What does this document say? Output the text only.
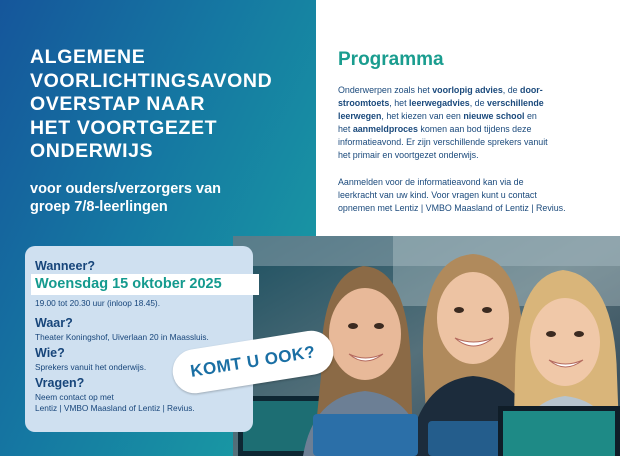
ALGEMENE
VOORLICHTINGSAVOND
OVERSTAP NAAR
HET VOORTGEZET
ONDERWIJS
voor ouders/verzorgers van
groep 7/8-leerlingen
Wanneer?
19.00 tot 20.30 uur (inloop 18.45).
Waar?
Theater Koningshof, Uiverlaan 20 in Maassluis.
Wie?
Sprekers vanuit het onderwijs.
Vragen?
Neem contact op met
Lentiz | VMBO Maasland of Lentiz | Revius.
Woensdag 15 oktober 2025
KOMT U OOK?
Programma
Onderwerpen zoals het voorlopig advies, de door-
stroomtoets, het leerwegadvies, de verschillende
leerwegen, het kiezen van een nieuwe school en
het aanmeldproces komen aan bod tijdens deze
informatieavond. Er zijn verschillende sprekers vanuit
het primair en voortgezet onderwijs.
Aanmelden voor de informatieavond kan via de
leerkracht van uw kind. Voor vragen kunt u contact
opnemen met Lentiz | VMBO Maasland of Lentiz | Revius.
